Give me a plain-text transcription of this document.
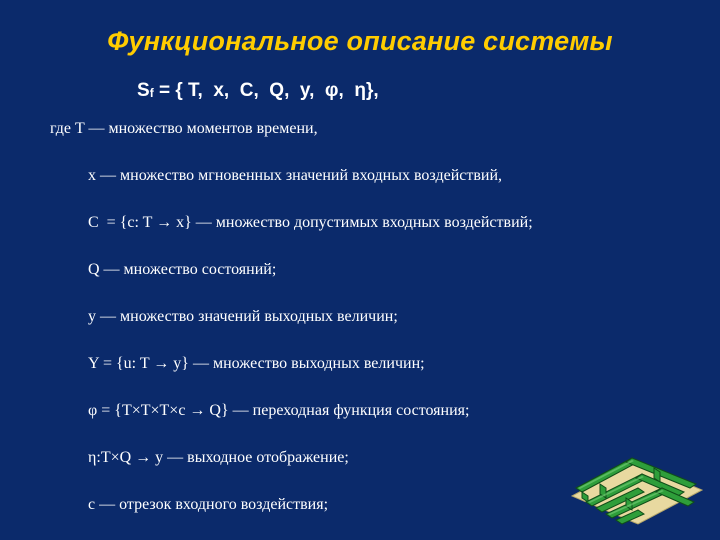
Функциональное описание системы
$S_f$ = { T,  x,  C,  Q,  y,  φ,  η},
где T — множество моментов времени,
x — множество мгновенных значений входных воздействий,
C  = {c: T → x} — множество допустимых входных воздействий;
Q — множество состояний;
y — множество значений выходных величин;
Y = {u: T → y} — множество выходных величин;
φ = {T×T×T×c → Q} — переходная функция состояния;
η:T×Q → y — выходное отображение;
c — отрезок входного воздействия;
